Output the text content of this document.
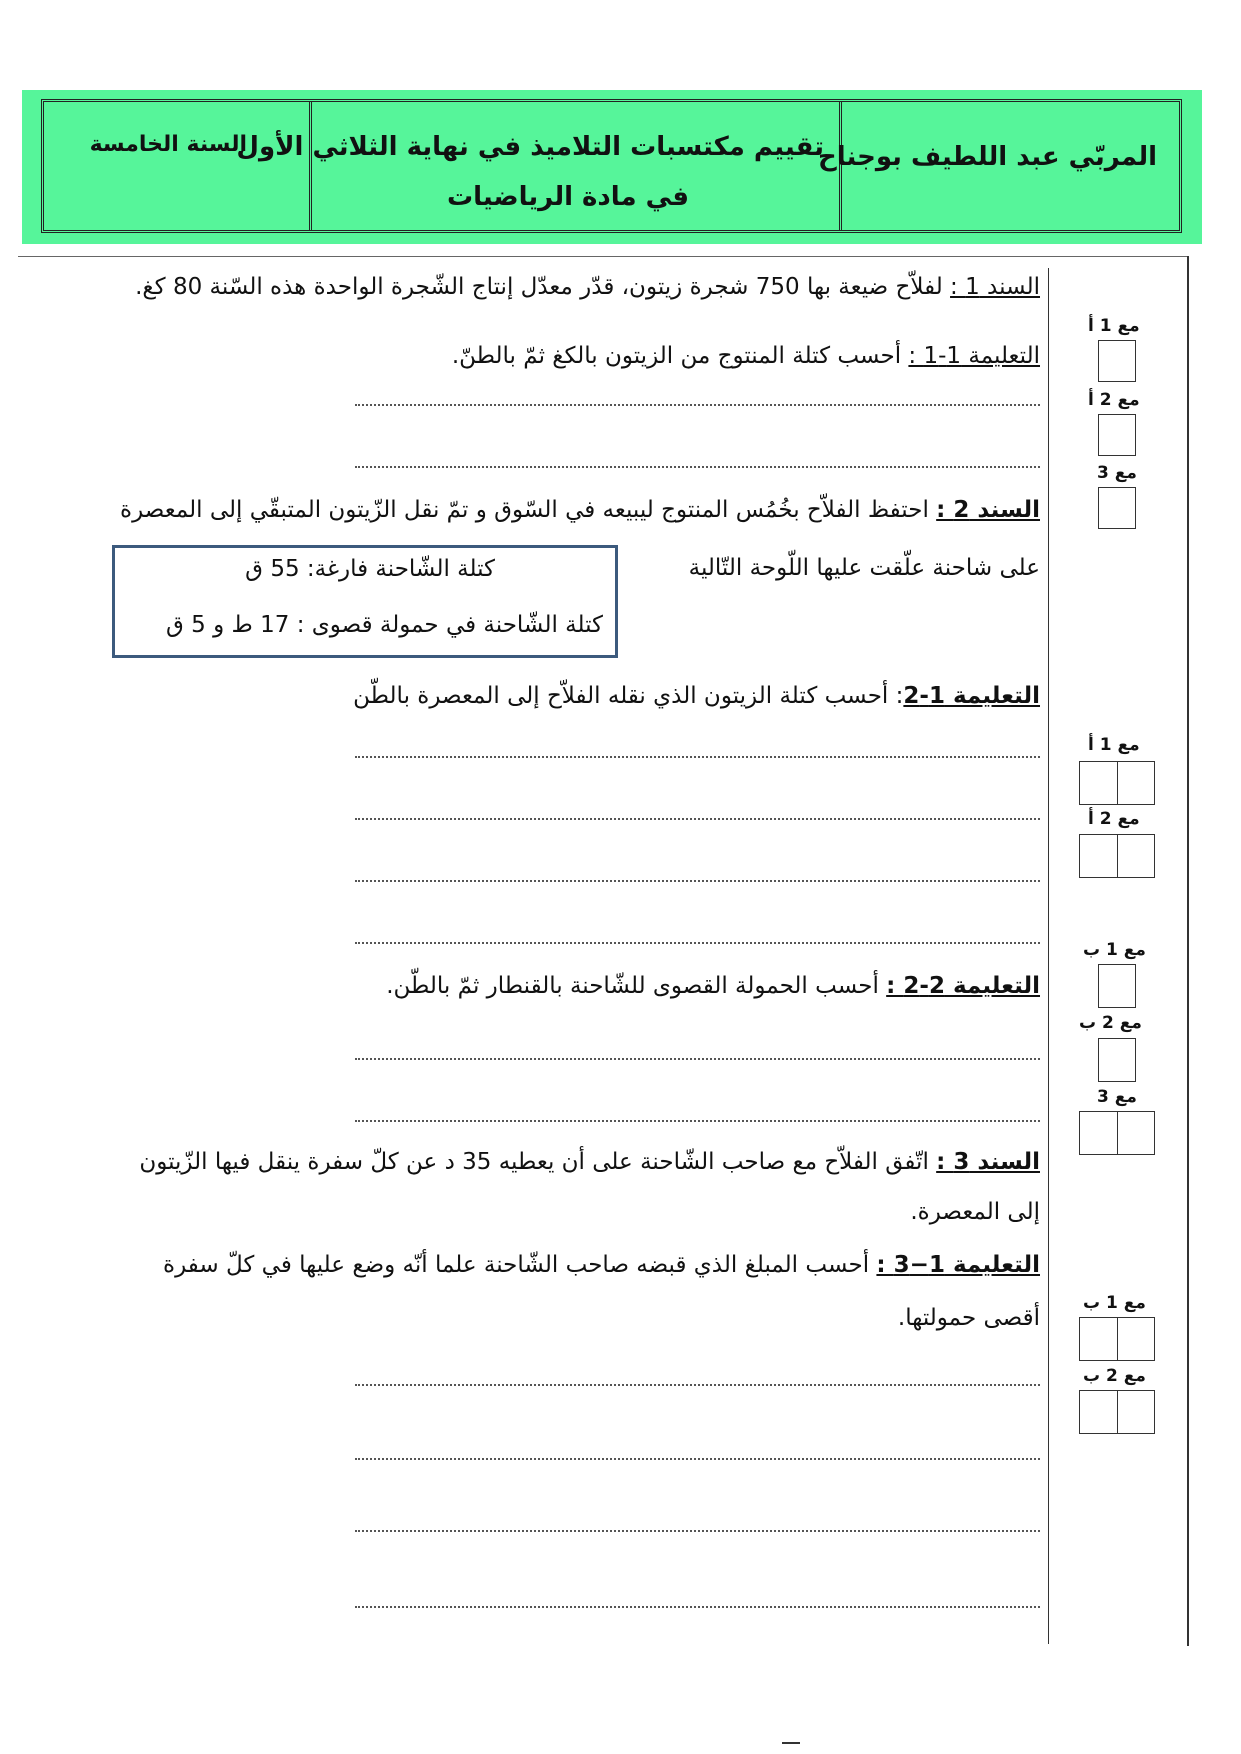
المربّي عبد اللطيف بوجناح
تقييم مكتسبات التلاميذ في نهاية الثلاثي الأول
في مادة الرياضيات
السنة الخامسة
السند 1 : لفلاّح ضيعة بها 750 شجرة زيتون، قدّر معدّل إنتاج الشّجرة الواحدة هذه السّنة 80 كغ.
التعليمة 1-1 : أحسب كتلة المنتوج من الزيتون بالكغ ثمّ بالطنّ.
السند 2 : احتفظ الفلاّح بخُمُس المنتوج ليبيعه في السّوق و تمّ نقل الزّيتون المتبقّي إلى المعصرة
على شاحنة علّقت عليها اللّوحة التّالية
كتلة الشّاحنة فارغة: 55 ق
كتلة الشّاحنة في حمولة قصوى : 17 ط و 5 ق
التعليمة 1-2: أحسب كتلة الزيتون الذي نقله الفلاّح إلى المعصرة بالطّن
التعليمة 2-2 : أحسب الحمولة القصوى للشّاحنة بالقنطار ثمّ بالطّن.
السند 3 : اتّفق الفلاّح مع صاحب الشّاحنة على أن يعطيه 35 د عن كلّ سفرة ينقل فيها الزّيتون
إلى المعصرة.
التعليمة 1−3 : أحسب المبلغ الذي قبضه صاحب الشّاحنة علما أنّه وضع عليها في كلّ سفرة
أقصى حمولتها.
مع 1 أ
مع 2 أ
مع 3
مع 1 أ
مع 2 أ
مع 1 ب
مع 2 ب
مع 3
مع 1 ب
مع 2 ب
